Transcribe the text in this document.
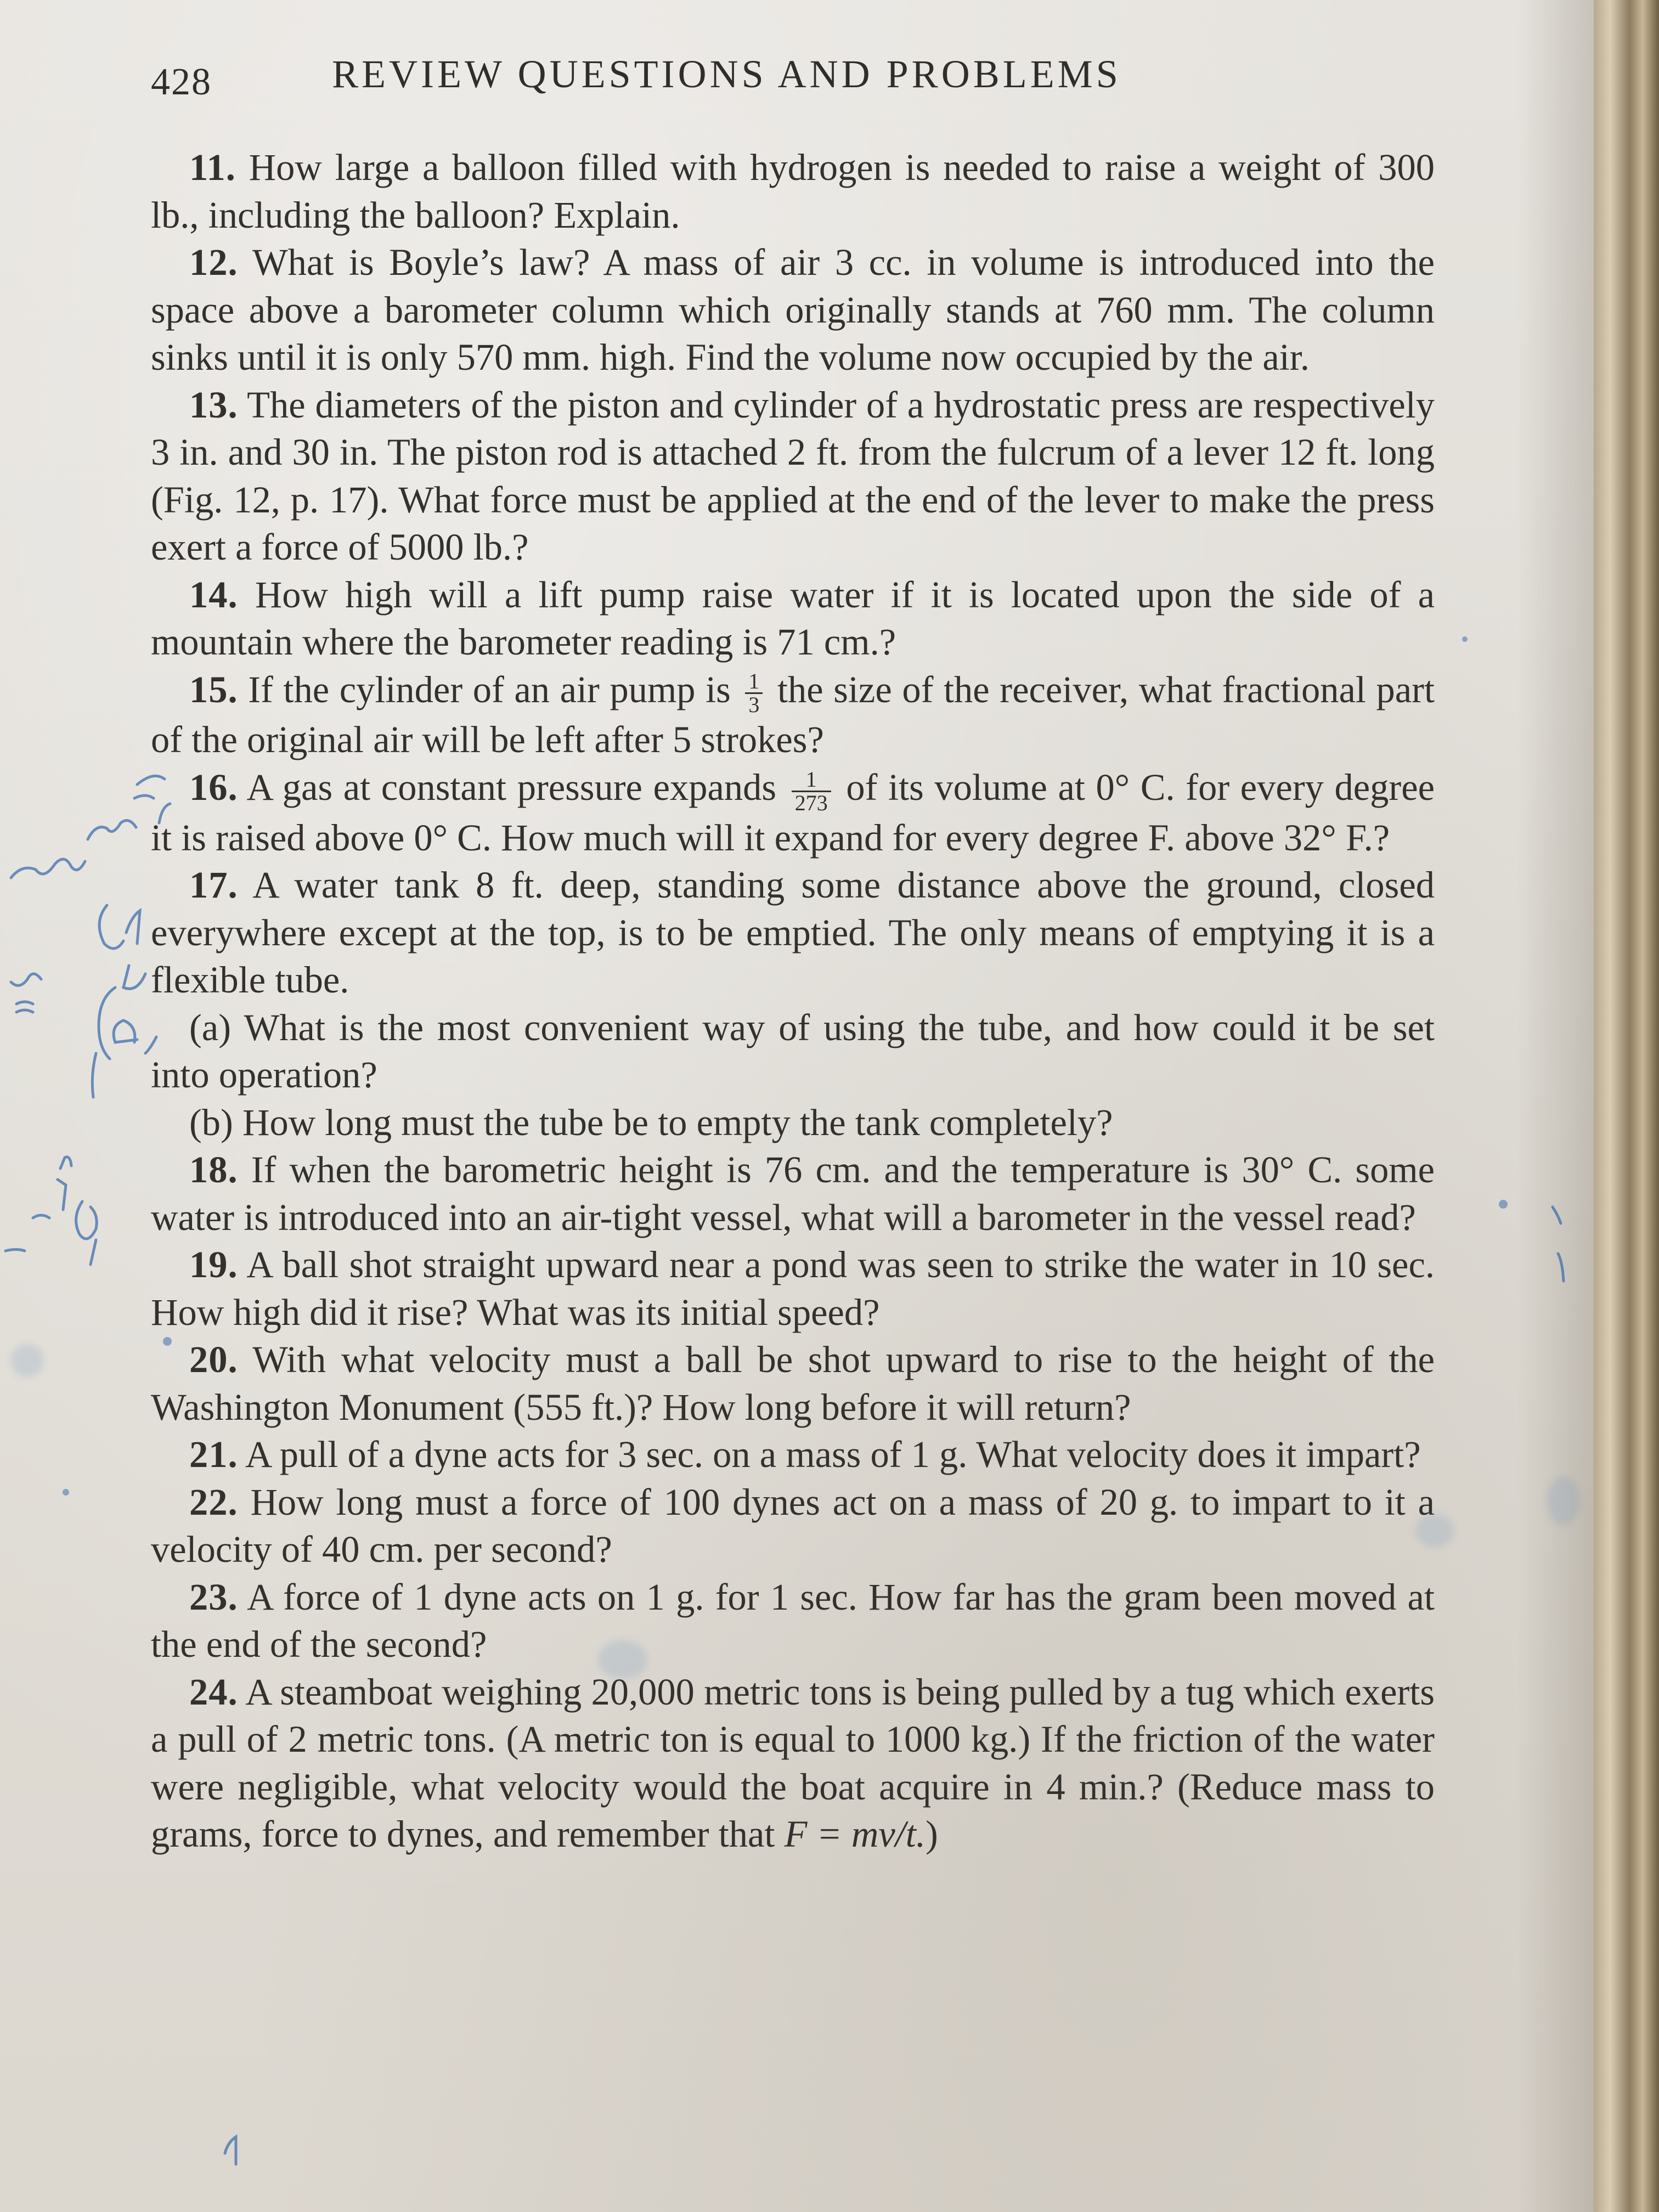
428	REVIEW QUESTIONS AND PROBLEMS

11. How large a balloon filled with hydrogen is needed to raise a weight of 300 lb., including the balloon? Explain.

12. What is Boyle’s law? A mass of air 3 cc. in volume is introduced into the space above a barometer column which originally stands at 760 mm. The column sinks until it is only 570 mm. high. Find the volume now occupied by the air.

13. The diameters of the piston and cylinder of a hydrostatic press are respectively 3 in. and 30 in. The piston rod is attached 2 ft. from the fulcrum of a lever 12 ft. long (Fig. 12, p. 17). What force must be applied at the end of the lever to make the press exert a force of 5000 lb.?

14. How high will a lift pump raise water if it is located upon the side of a mountain where the barometer reading is 71 cm.?

15. If the cylinder of an air pump is $\frac{1}{3}$ the size of the receiver, what fractional part of the original air will be left after 5 strokes?

16. A gas at constant pressure expands $\frac{1}{273}$ of its volume at 0° C. for every degree it is raised above 0° C. How much will it expand for every degree F. above 32° F.?

17. A water tank 8 ft. deep, standing some distance above the ground, closed everywhere except at the top, is to be emptied. The only means of emptying it is a flexible tube.

(a) What is the most convenient way of using the tube, and how could it be set into operation?

(b) How long must the tube be to empty the tank completely?

18. If when the barometric height is 76 cm. and the temperature is 30° C. some water is introduced into an air-tight vessel, what will a barometer in the vessel read?

19. A ball shot straight upward near a pond was seen to strike the water in 10 sec. How high did it rise? What was its initial speed?

20. With what velocity must a ball be shot upward to rise to the height of the Washington Monument (555 ft.)? How long before it will return?

21. A pull of a dyne acts for 3 sec. on a mass of 1 g. What velocity does it impart?

22. How long must a force of 100 dynes act on a mass of 20 g. to impart to it a velocity of 40 cm. per second?

23. A force of 1 dyne acts on 1 g. for 1 sec. How far has the gram been moved at the end of the second?

24. A steamboat weighing 20,000 metric tons is being pulled by a tug which exerts a pull of 2 metric tons. (A metric ton is equal to 1000 kg.) If the friction of the water were negligible, what velocity would the boat acquire in 4 min.? (Reduce mass to grams, force to dynes, and remember that F = mv/t.)
